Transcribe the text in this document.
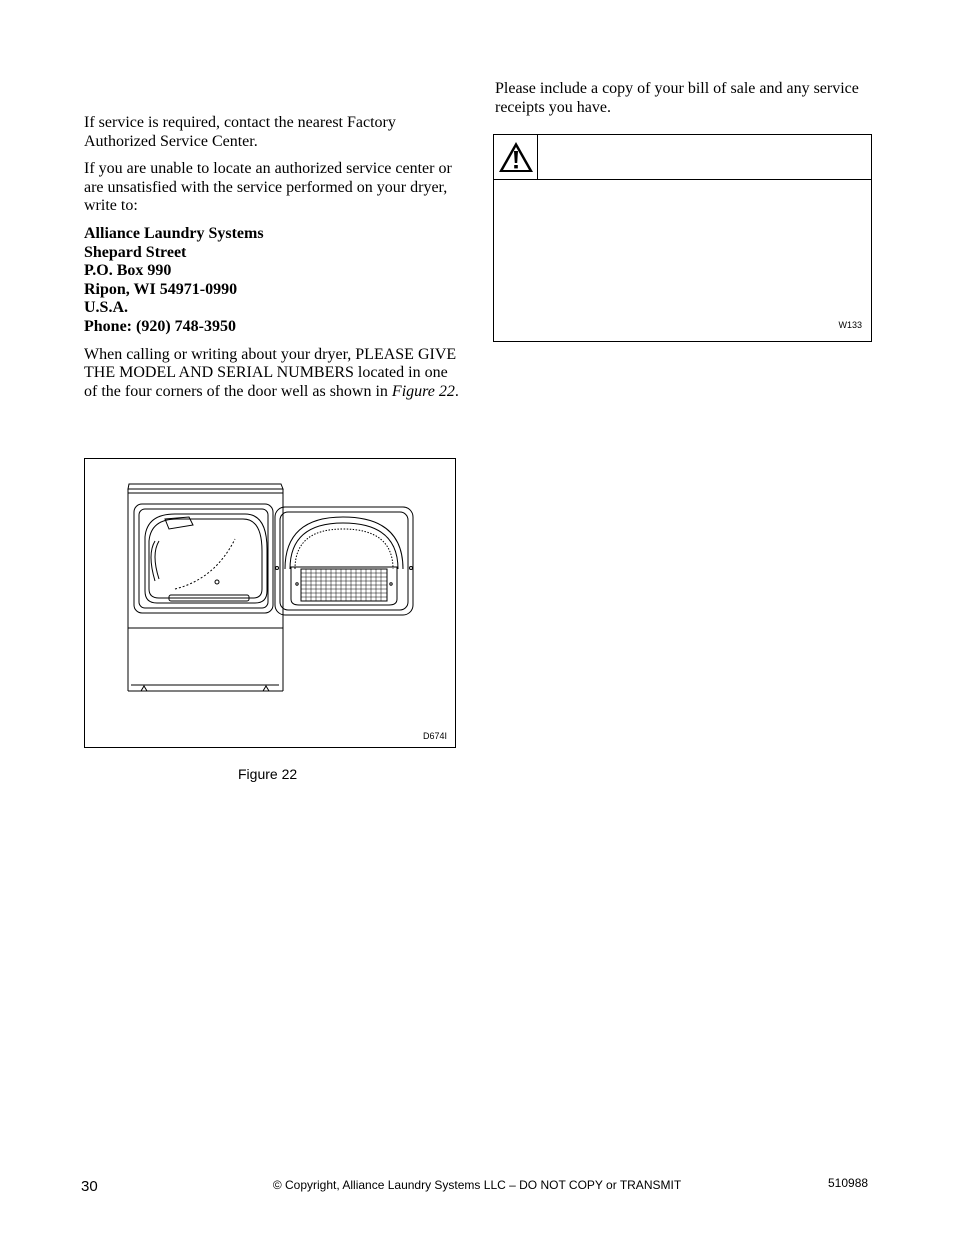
If service is required, contact the nearest Factory Authorized Service Center.

If you are unable to locate an authorized service center or are unsatisfied with the service performed on your dryer, write to:

Alliance Laundry Systems
Shepard Street
P.O. Box 990
Ripon, WI 54971-0990
U.S.A.
Phone: (920) 748-3950

When calling or writing about your dryer, PLEASE GIVE THE MODEL AND SERIAL NUMBERS located in one of the four corners of the door well as shown in Figure 22.

D674I
Figure 22

Please include a copy of your bill of sale and any service receipts you have.

W133
30	© Copyright, Alliance Laundry Systems LLC – DO NOT COPY or TRANSMIT	510988
